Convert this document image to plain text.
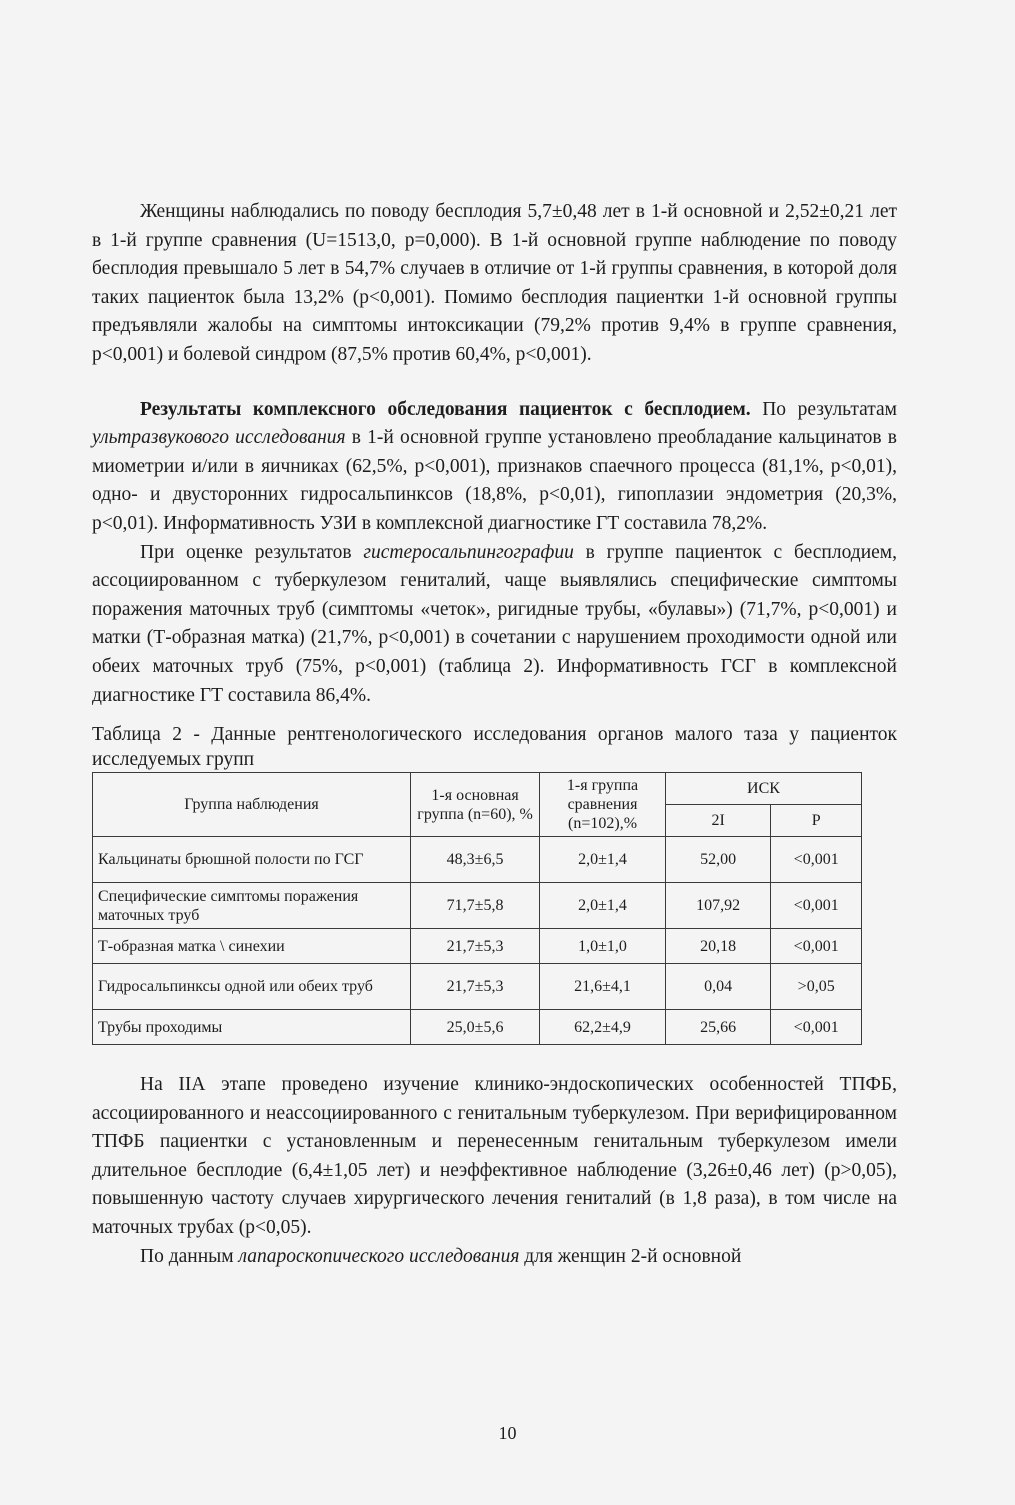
Женщины наблюдались по поводу бесплодия 5,7±0,48 лет в 1-й основной и 2,52±0,21 лет в 1-й группе сравнения (U=1513,0, p=0,000). В 1-й основной группе наблюдение по поводу бесплодия превышало 5 лет в 54,7% случаев в отличие от 1-й группы сравнения, в которой доля таких пациенток была 13,2% (p<0,001). Помимо бесплодия пациентки 1-й основной группы предъявляли жалобы на симптомы интоксикации (79,2% против 9,4% в группе сравнения, p<0,001) и болевой синдром (87,5% против 60,4%, p<0,001).

Результаты комплексного обследования пациенток с бесплодием. По результатам ультразвукового исследования в 1-й основной группе установлено преобладание кальцинатов в миометрии и/или в яичниках (62,5%, p<0,001), признаков спаечного процесса (81,1%, p<0,01), одно- и двусторонних гидросальпинксов (18,8%, p<0,01), гипоплазии эндометрия (20,3%, p<0,01). Информативность УЗИ в комплексной диагностике ГТ составила 78,2%.

При оценке результатов гистеросальпингографии в группе пациенток с бесплодием, ассоциированном с туберкулезом гениталий, чаще выявлялись специфические симптомы поражения маточных труб (симптомы «четок», ригидные трубы, «булавы») (71,7%, p<0,001) и матки (Т-образная матка) (21,7%, p<0,001) в сочетании с нарушением проходимости одной или обеих маточных труб (75%, p<0,001) (таблица 2). Информативность ГСГ в комплексной диагностике ГТ составила 86,4%.

Таблица 2 - Данные рентгенологического исследования органов малого таза у пациенток исследуемых групп

Группа наблюдения	1-я основная группа (n=60), %	1-я группа сравнения (n=102),%	ИСК	
			2I	P
Кальцинаты брюшной полости по ГСГ	48,3±6,5	2,0±1,4	52,00	<0,001
Специфические симптомы поражения маточных труб	71,7±5,8	2,0±1,4	107,92	<0,001
Т-образная матка \ синехии	21,7±5,3	1,0±1,0	20,18	<0,001
Гидросальпинксы одной или обеих труб	21,7±5,3	21,6±4,1	0,04	>0,05
Трубы проходимы	25,0±5,6	62,2±4,9	25,66	<0,001

На IIА этапе проведено изучение клинико-эндоскопических особенностей ТПФБ, ассоциированного и неассоциированного с генитальным туберкулезом. При верифицированном ТПФБ пациентки с установленным и перенесенным генитальным туберкулезом имели длительное бесплодие (6,4±1,05 лет) и неэффективное наблюдение (3,26±0,46 лет) (p>0,05), повышенную частоту случаев хирургического лечения гениталий (в 1,8 раза), в том числе на маточных трубах (p<0,05).

По данным лапароскопического исследования для женщин 2-й основной

10
